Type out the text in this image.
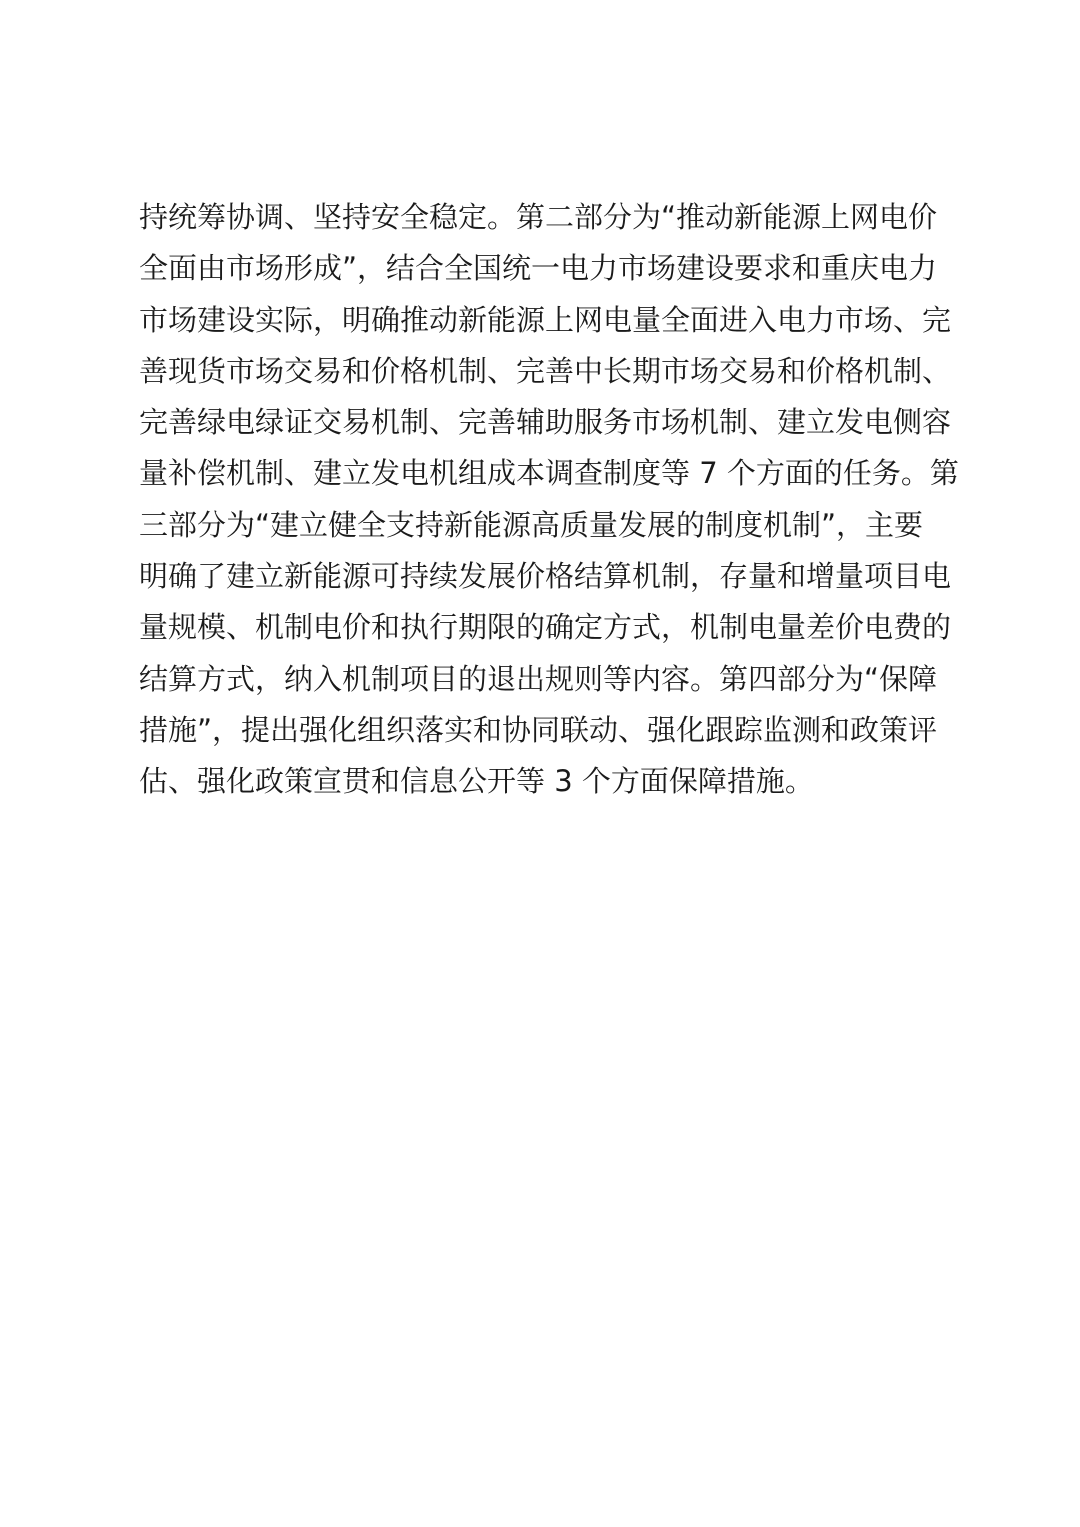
持统筹协调、坚持安全稳定。第二部分为“推动新能源上网电价
全面由市场形成”，结合全国统一电力市场建设要求和重庆电力
市场建设实际，明确推动新能源上网电量全面进入电力市场、完
善现货市场交易和价格机制、完善中长期市场交易和价格机制、
完善绿电绿证交易机制、完善辅助服务市场机制、建立发电侧容
量补偿机制、建立发电机组成本调查制度等 7 个方面的任务。第
三部分为“建立健全支持新能源高质量发展的制度机制”，主要
明确了建立新能源可持续发展价格结算机制，存量和增量项目电
量规模、机制电价和执行期限的确定方式，机制电量差价电费的
结算方式，纳入机制项目的退出规则等内容。第四部分为“保障
措施”，提出强化组织落实和协同联动、强化跟踪监测和政策评
估、强化政策宣贯和信息公开等 3 个方面保障措施。
